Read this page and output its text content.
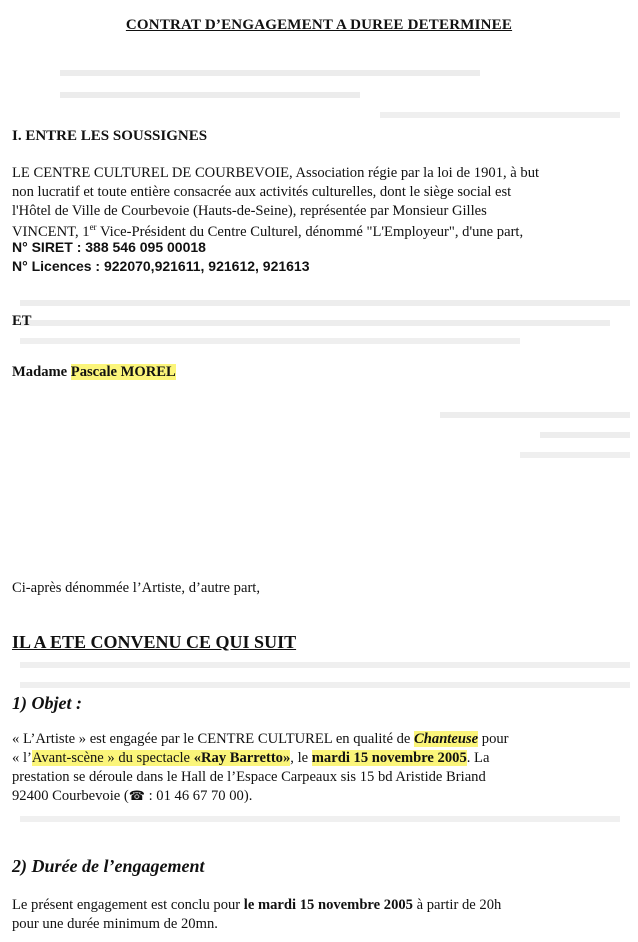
CONTRAT D’ENGAGEMENT A DUREE DETERMINEE
I. ENTRE LES SOUSSIGNES
LE CENTRE CULTUREL DE COURBEVOIE, Association régie par la loi de 1901, à but
non lucratif et toute entière consacrée aux activités culturelles, dont le siège social est
l'Hôtel de Ville de Courbevoie (Hauts-de-Seine), représentée par Monsieur Gilles
VINCENT, 1er Vice-Président du Centre Culturel, dénommé "L'Employeur", d'une part,
N° SIRET : 388 546 095 00018
N° Licences : 922070,921611, 921612, 921613
ET
Madame Pascale MOREL
Ci-après dénommée l’Artiste, d’autre part,
IL A ETE CONVENU CE QUI SUIT
1) Objet :
« L’Artiste » est engagée par le CENTRE CULTUREL en qualité de Chanteuse pour
« l’Avant-scène » du spectacle «Ray Barretto», le mardi 15 novembre 2005. La
prestation se déroule dans le Hall de l’Espace Carpeaux sis 15 bd Aristide Briand
92400 Courbevoie (☎ : 01 46 67 70 00).
2) Durée de l’engagement
Le présent engagement est conclu pour le mardi 15 novembre 2005 à partir de 20h
pour une durée minimum de 20mn.
